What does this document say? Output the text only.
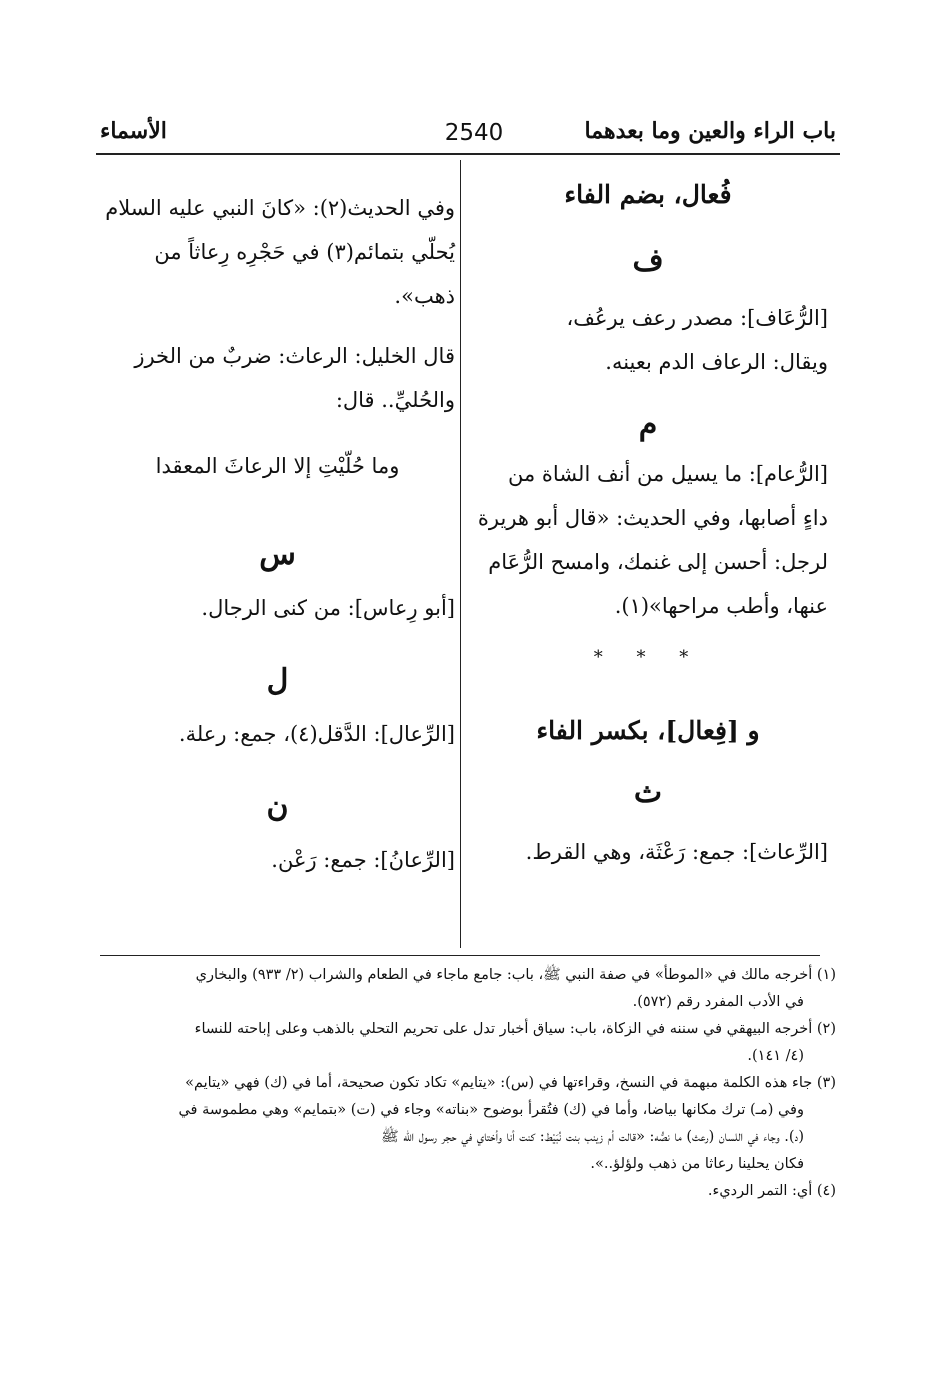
باب الراء والعين وما بعدهما
2540
الأسماء
فُعال، بضم الفاء
ف
[الرُّعَاف]: مصدر رعف يرعُف،
ويقال: الرعاف الدم بعينه.
م
[الرُّعام]: ما يسيل من أنف الشاة من
داءٍ أصابها، وفي الحديث: «قال أبو هريرة
لرجل: أحسن إلى غنمك، وامسح الرُّعَام
عنها، وأطب مراحها»(١).
* * *
و [فِعال]، بكسر الفاء
ث
[الرِّعاث]: جمع: رَعْثَة، وهي القرط.
وفي الحديث(٢): «كانَ النبي عليه السلام
يُحلّي بتمائم(٣) في حَجْرِه رِعاثاً من
ذهب».
قال الخليل: الرعاث: ضربٌ من الخرز
والحُليِّ.. قال:
وما حُلّيْتِ إلا الرعاثَ المعقدا
س
[أبو رِعاس]: من كنى الرجال.
ل
[الرِّعال]: الدَّقل(٤)، جمع: رعلة.
ن
[الرِّعانُ]: جمع: رَعْن.

(١) أخرجه مالك في «الموطأ» في صفة النبي ﷺ، باب: جامع ماجاء في الطعام والشراب (٢/ ٩٣٣) والبخاري
في الأدب المفرد رقم (٥٧٢).

(٢) أخرجه البيهقي في سننه في الزكاة، باب: سياق أخبار تدل على تحريم التحلي بالذهب وعلى إباحته للنساء
(٤/ ١٤١).

(٣) جاء هذه الكلمة مبهمة في النسخ، وقراءتها في (س): «يتايم» تكاد تكون صحيحة، أما في (ك) فهي «يتايم»
وفي (مـ) ترك مكانها بياضا، وأما في (ك) فتُقرأ بوضوح «بناته» وجاء في (ت) «بتمايم» وهي مطموسة في
(د). وجاء في اللسان (رعث) ما نصُّه: «قالت أم زينب بنت نُبَيْط: كنت أنا وأختاي في حجر رسول الله ﷺ
فكان يحلينا رعاثا من ذهب ولؤلؤ..».

(٤) أي: التمر الرديء.
